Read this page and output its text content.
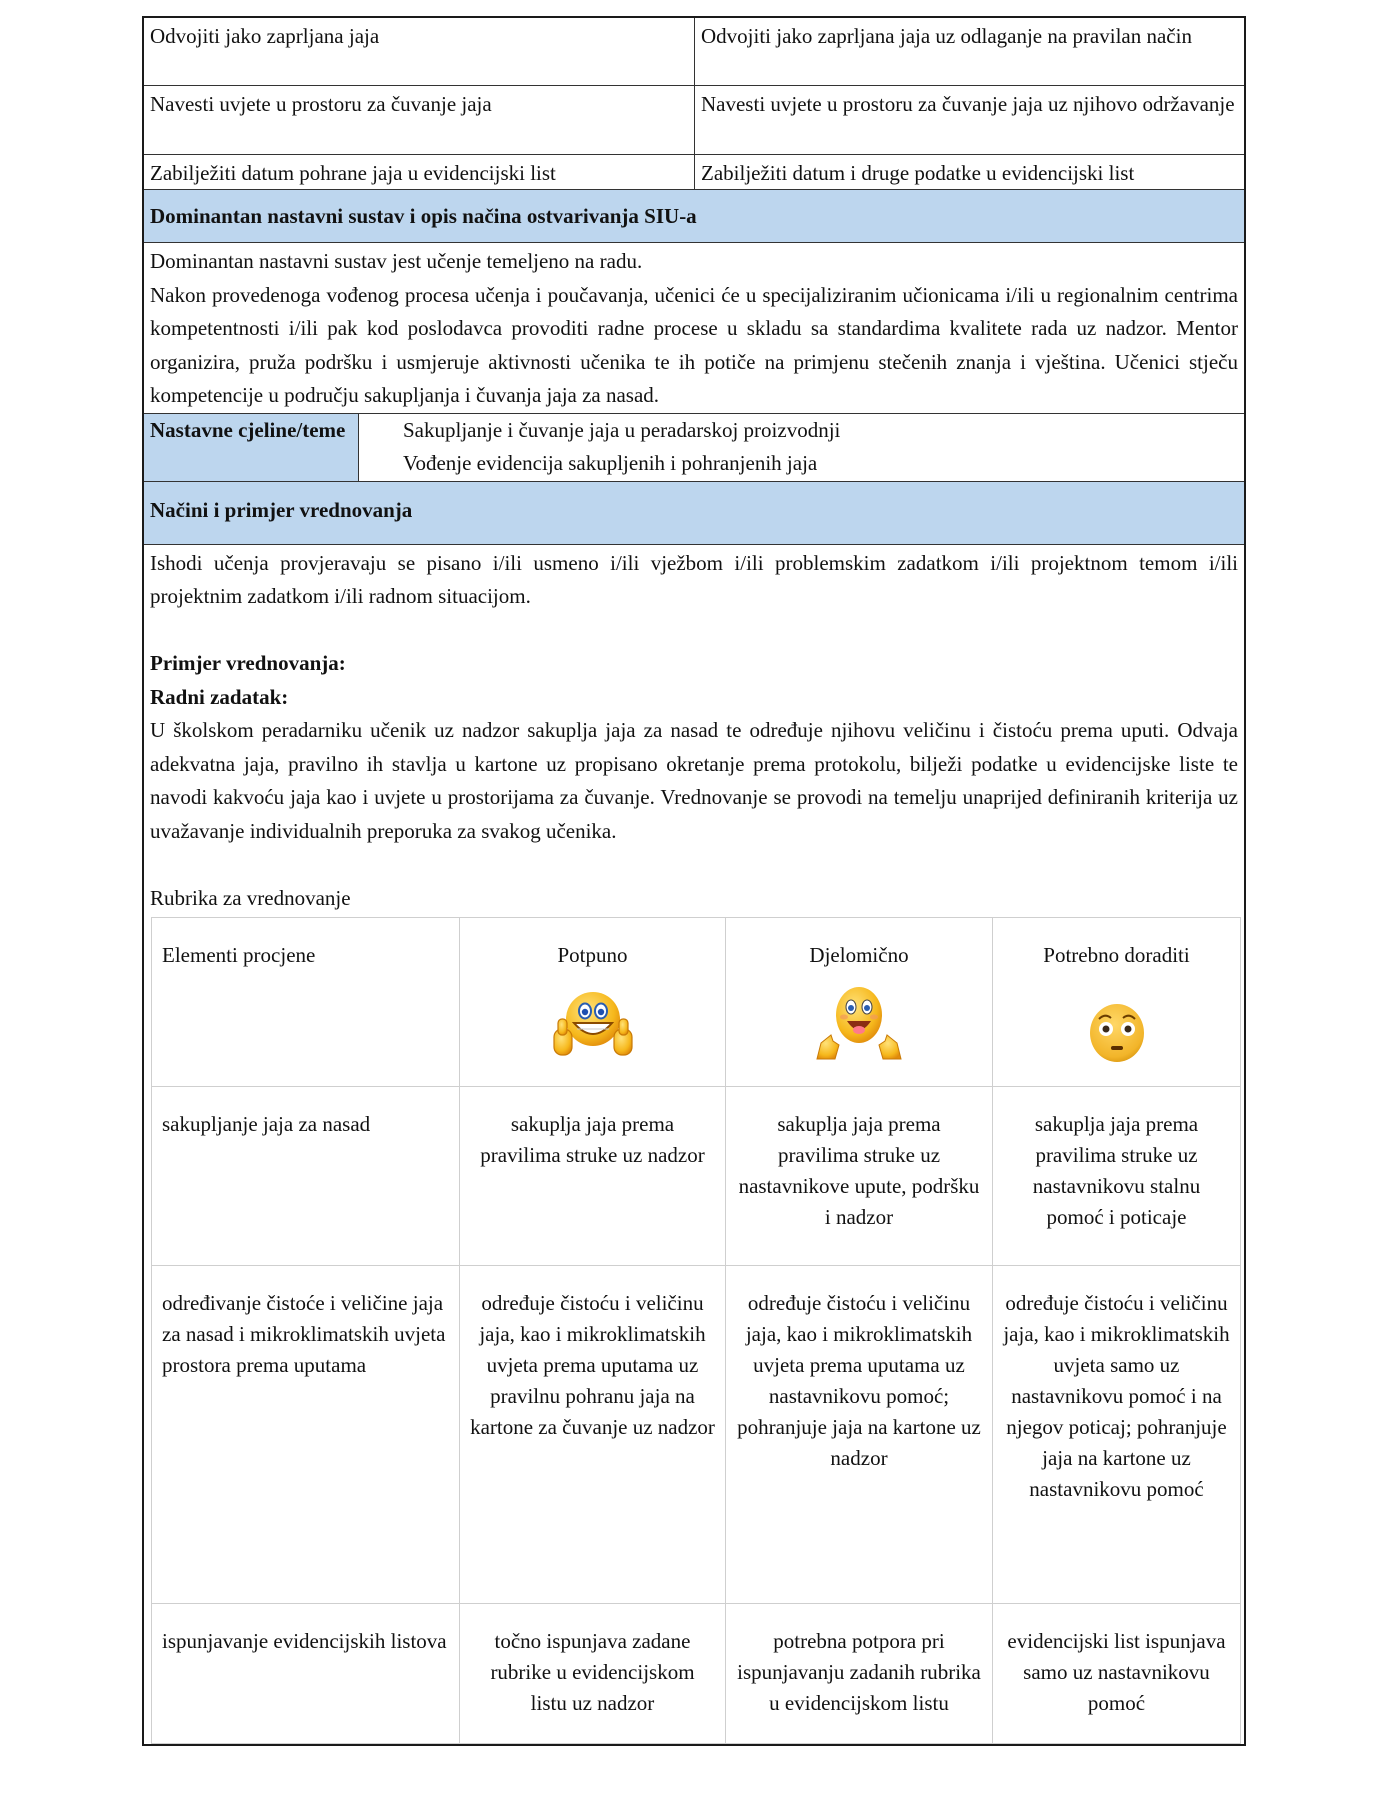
Odvojiti jako zaprljana jaja	Odvojiti jako zaprljana jaja uz odlaganje na pravilan način
Navesti uvjete u prostoru za čuvanje jaja	Navesti uvjete u prostoru za čuvanje jaja uz njihovo održavanje
Zabilježiti datum pohrane jaja u evidencijski list	Zabilježiti datum i druge podatke u evidencijski list
Dominantan nastavni sustav i opis načina ostvarivanja SIU-a

Dominantan nastavni sustav jest učenje temeljeno na radu.

Nakon provedenoga vođenog procesa učenja i poučavanja, učenici će u specijaliziranim učionicama i/ili u regionalnim centrima kompetentnosti i/ili pak kod poslodavca provoditi radne procese u skladu sa standardima kvalitete rada uz nadzor. Mentor organizira, pruža podršku i usmjeruje aktivnosti učenika te ih potiče na primjenu stečenih znanja i vještina. Učenici stječu kompetencije u području sakupljanja i čuvanja jaja za nasad.

Nastavne cjeline/teme	Sakupljanje i čuvanje jaja u peradarskoj proizvodnji
Vođenje evidencija sakupljenih i pohranjenih jaja
Načini i primjer vrednovanja

Ishodi učenja provjeravaju se pisano i/ili usmeno i/ili vježbom i/ili problemskim zadatkom i/ili projektnom temom i/ili projektnim zadatkom i/ili radnom situacijom.

Primjer vrednovanja:

Radni zadatak:

U školskom peradarniku učenik uz nadzor sakuplja jaja za nasad te određuje njihovu veličinu i čistoću prema uputi. Odvaja adekvatna jaja, pravilno ih stavlja u kartone uz propisano okretanje prema protokolu, bilježi podatke u evidencijske liste te navodi kakvoću jaja kao i uvjete u prostorijama za čuvanje. Vrednovanje se provodi na temelju unaprijed definiranih kriterija uz uvažavanje individualnih preporuka za svakog učenika.

Rubrika za vrednovanje

Elementi procjene	Potpuno	Djelomično	Potrebno doraditi

sakupljanje jaja za nasad	sakuplja jaja prema pravilima struke uz nadzor	sakuplja jaja prema pravilima struke uz nastavnikove upute, podršku i nadzor	sakuplja jaja prema pravilima struke uz nastavnikovu stalnu pomoć i poticaje
određivanje čistoće i veličine jaja za nasad i mikroklimatskih uvjeta prostora prema uputama	određuje čistoću i veličinu jaja, kao i mikroklimatskih uvjeta prema uputama uz pravilnu pohranu jaja na kartone za čuvanje uz nadzor	određuje čistoću i veličinu jaja, kao i mikroklimatskih uvjeta prema uputama uz nastavnikovu pomoć; pohranjuje jaja na kartone uz nadzor	određuje čistoću i veličinu jaja, kao i mikroklimatskih uvjeta samo uz nastavnikovu pomoć i na njegov poticaj; pohranjuje jaja na kartone uz nastavnikovu pomoć
ispunjavanje evidencijskih listova	točno ispunjava zadane rubrike u evidencijskom listu uz nadzor	potrebna potpora pri ispunjavanju zadanih rubrika u evidencijskom listu	evidencijski list ispunjava samo uz nastavnikovu pomoć
